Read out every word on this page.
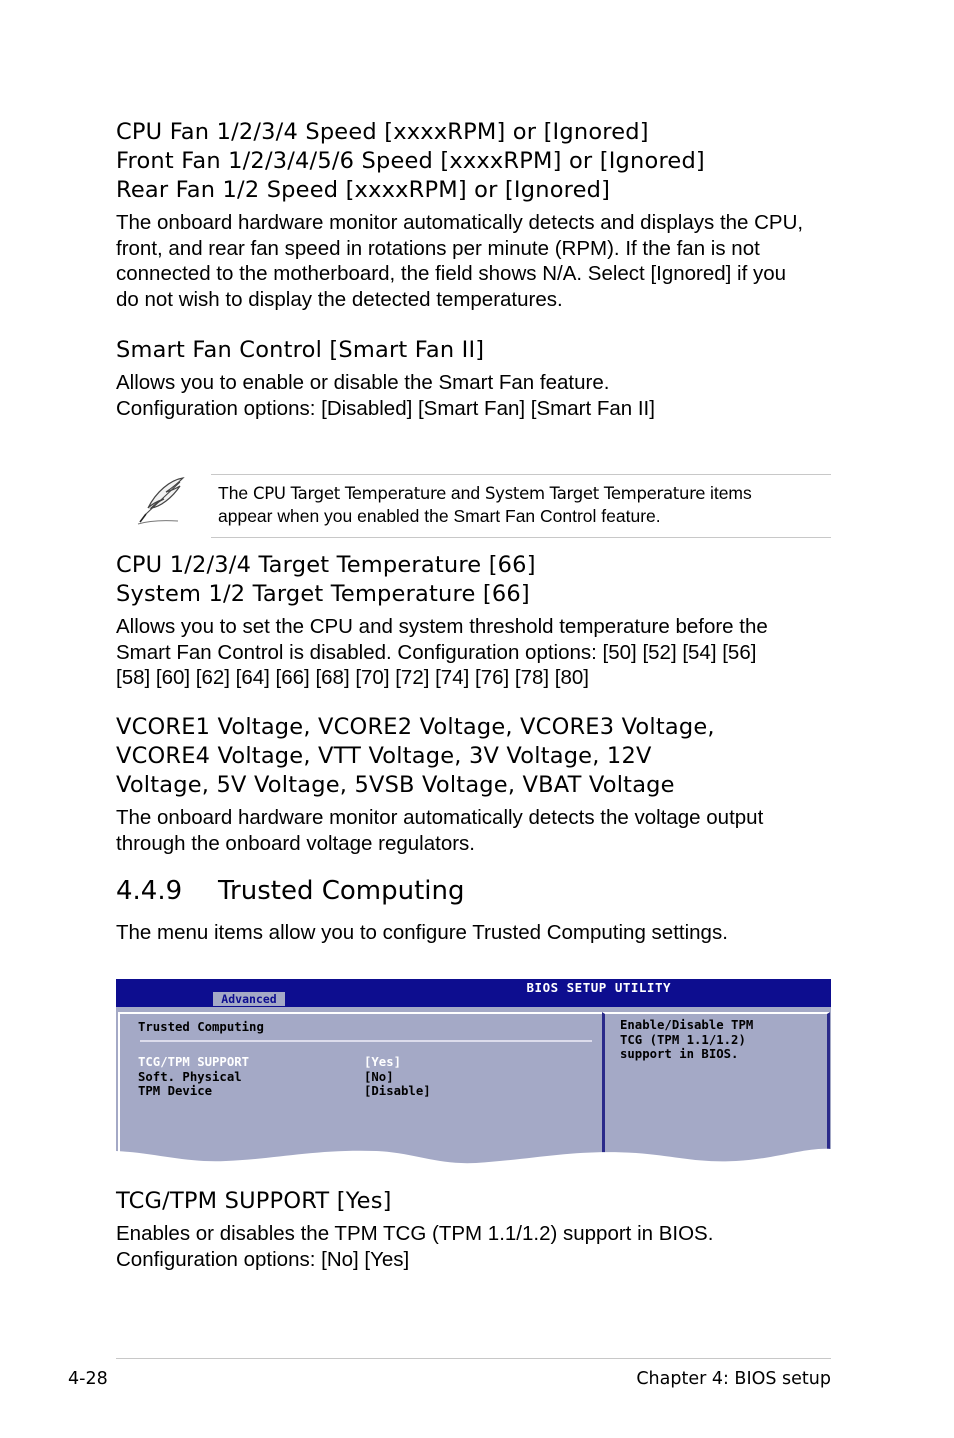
CPU Fan 1/2/3/4 Speed [xxxxRPM] or [Ignored]
Front Fan 1/2/3/4/5/6 Speed [xxxxRPM] or [Ignored]
Rear Fan 1/2 Speed [xxxxRPM] or [Ignored]
The onboard hardware monitor automatically detects and displays the CPU,
front, and rear fan speed in rotations per minute (RPM). If the fan is not
connected to the motherboard, the field shows N/A. Select [Ignored] if you
do not wish to display the detected temperatures.
Smart Fan Control [Smart Fan II]
Allows you to enable or disable the Smart Fan feature.
Configuration options: [Disabled] [Smart Fan] [Smart Fan II]
The CPU Target Temperature and System Target Temperature items
appear when you enabled the Smart Fan Control feature.
CPU 1/2/3/4 Target Temperature [66]
System 1/2 Target Temperature [66]
Allows you to set the CPU and system threshold temperature before the
Smart Fan Control is disabled. Configuration options: [50] [52] [54] [56]
[58] [60] [62] [64] [66] [68] [70] [72] [74] [76] [78] [80]
VCORE1 Voltage, VCORE2 Voltage, VCORE3 Voltage,
VCORE4 Voltage, VTT Voltage, 3V Voltage, 12V
Voltage, 5V Voltage, 5VSB Voltage, VBAT Voltage
The onboard hardware monitor automatically detects the voltage output
through the onboard voltage regulators.
4.4.9 Trusted Computing
The menu items allow you to configure Trusted Computing settings.
BIOS SETUP UTILITY
Advanced
Trusted Computing
TCG/TPM SUPPORT	[Yes]
Soft. Physical	[No]
TPM Device	[Disable]
Enable/Disable TPM
TCG (TPM 1.1/1.2)
support in BIOS.
TCG/TPM SUPPORT [Yes]
Enables or disables the TPM TCG (TPM 1.1/1.2) support in BIOS.
Configuration options: [No] [Yes]
4-28	Chapter 4: BIOS setup
